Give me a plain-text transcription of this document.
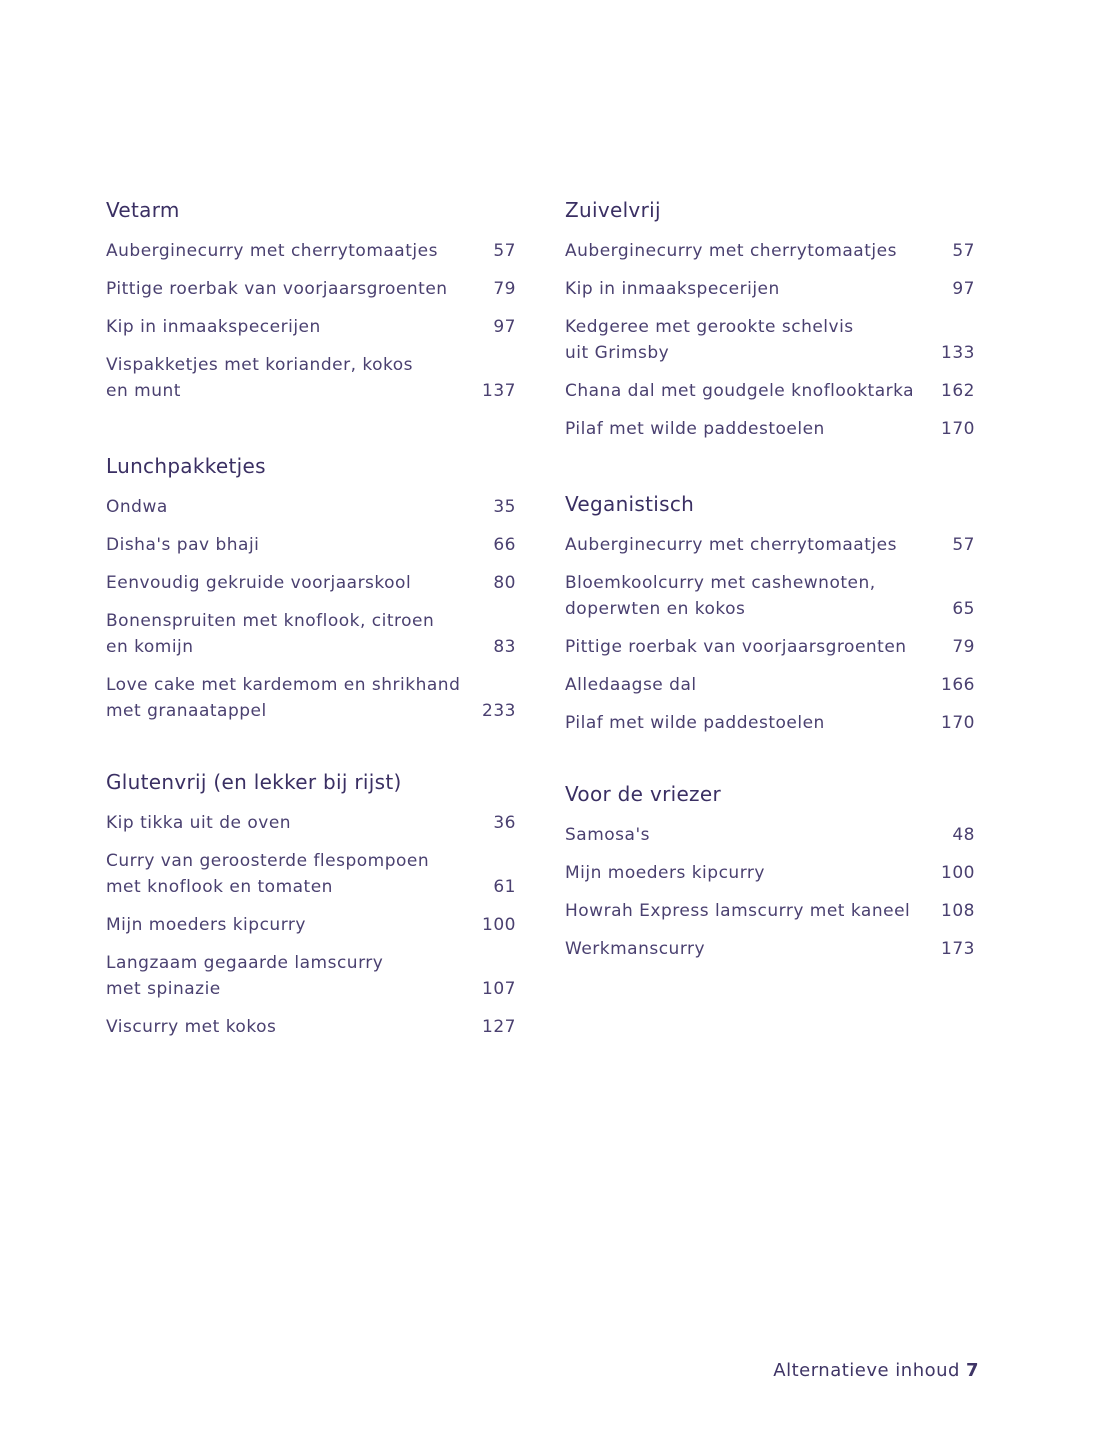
Vetarm
Auberginecurry met cherrytomaatjes	57
Pittige roerbak van voorjaarsgroenten	79
Kip in inmaakspecerijen	97
Vispakketjes met koriander, kokos
en munt	137
Lunchpakketjes
Ondwa	35
Disha's pav bhaji	66
Eenvoudig gekruide voorjaarskool	80
Bonenspruiten met knoflook, citroen
en komijn	83
Love cake met kardemom en shrikhand
met granaatappel	233
Glutenvrij (en lekker bij rijst)
Kip tikka uit de oven	36
Curry van geroosterde flespompoen
met knoflook en tomaten	61
Mijn moeders kipcurry	100
Langzaam gegaarde lamscurry
met spinazie	107
Viscurry met kokos	127
Zuivelvrij
Auberginecurry met cherrytomaatjes	57
Kip in inmaakspecerijen	97
Kedgeree met gerookte schelvis
uit Grimsby	133
Chana dal met goudgele knoflooktarka	162
Pilaf met wilde paddestoelen	170
Veganistisch
Auberginecurry met cherrytomaatjes	57
Bloemkoolcurry met cashewnoten,
doperwten en kokos	65
Pittige roerbak van voorjaarsgroenten	79
Alledaagse dal	166
Pilaf met wilde paddestoelen	170
Voor de vriezer
Samosa's	48
Mijn moeders kipcurry	100
Howrah Express lamscurry met kaneel	108
Werkmanscurry	173
Alternatieve inhoud 7
